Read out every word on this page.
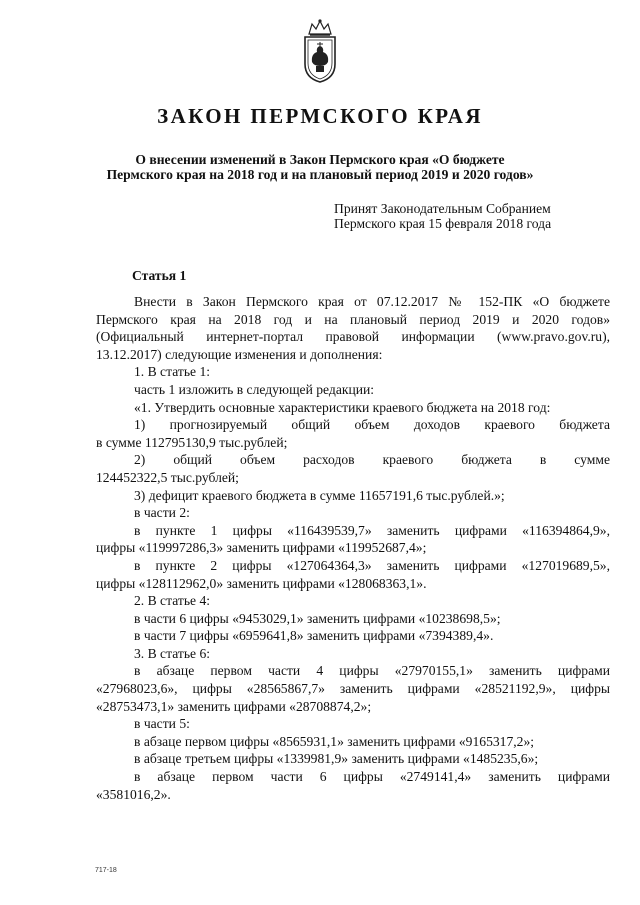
ЗАКОН ПЕРМСКОГО КРАЯ
О внесении изменений в Закон Пермского края «О бюджете
Пермского края на 2018 год и на плановый период 2019 и 2020 годов»
Принят Законодательным Собранием
Пермского края 15 февраля 2018 года
Статья 1

Внести в Закон Пермского края от 07.12.2017 № 152-ПК «О бюджете

Пермского края на 2018 год и на плановый период 2019 и 2020 годов»

(Официальный интернет-портал правовой информации (www.pravo.gov.ru),

13.12.2017) следующие изменения и дополнения:

1. В статье 1:

часть 1 изложить в следующей редакции:

«1. Утвердить основные характеристики краевого бюджета на 2018 год:

1) прогнозируемый общий объем доходов краевого бюджета

в сумме 112795130,9 тыс.рублей;

2) общий объем расходов краевого бюджета в сумме

124452322,5 тыс.рублей;

3) дефицит краевого бюджета в сумме 11657191,6 тыс.рублей.»;

в части 2:

в пункте 1 цифры «116439539,7» заменить цифрами «116394864,9»,

цифры «119997286,3» заменить цифрами «119952687,4»;

в пункте 2 цифры «127064364,3» заменить цифрами «127019689,5»,

цифры «128112962,0» заменить цифрами «128068363,1».

2. В статье 4:

в части 6 цифры «9453029,1» заменить цифрами «10238698,5»;

в части 7 цифры «6959641,8» заменить цифрами «7394389,4».

3. В статье 6:

в абзаце первом части 4 цифры «27970155,1» заменить цифрами

«27968023,6», цифры «28565867,7» заменить цифрами «28521192,9», цифры

«28753473,1» заменить цифрами «28708874,2»;

в части 5:

в абзаце первом цифры «8565931,1» заменить цифрами «9165317,2»;

в абзаце третьем цифры «1339981,9» заменить цифрами «1485235,6»;

в абзаце первом части 6 цифры «2749141,4» заменить цифрами

«3581016,2».

717-18
